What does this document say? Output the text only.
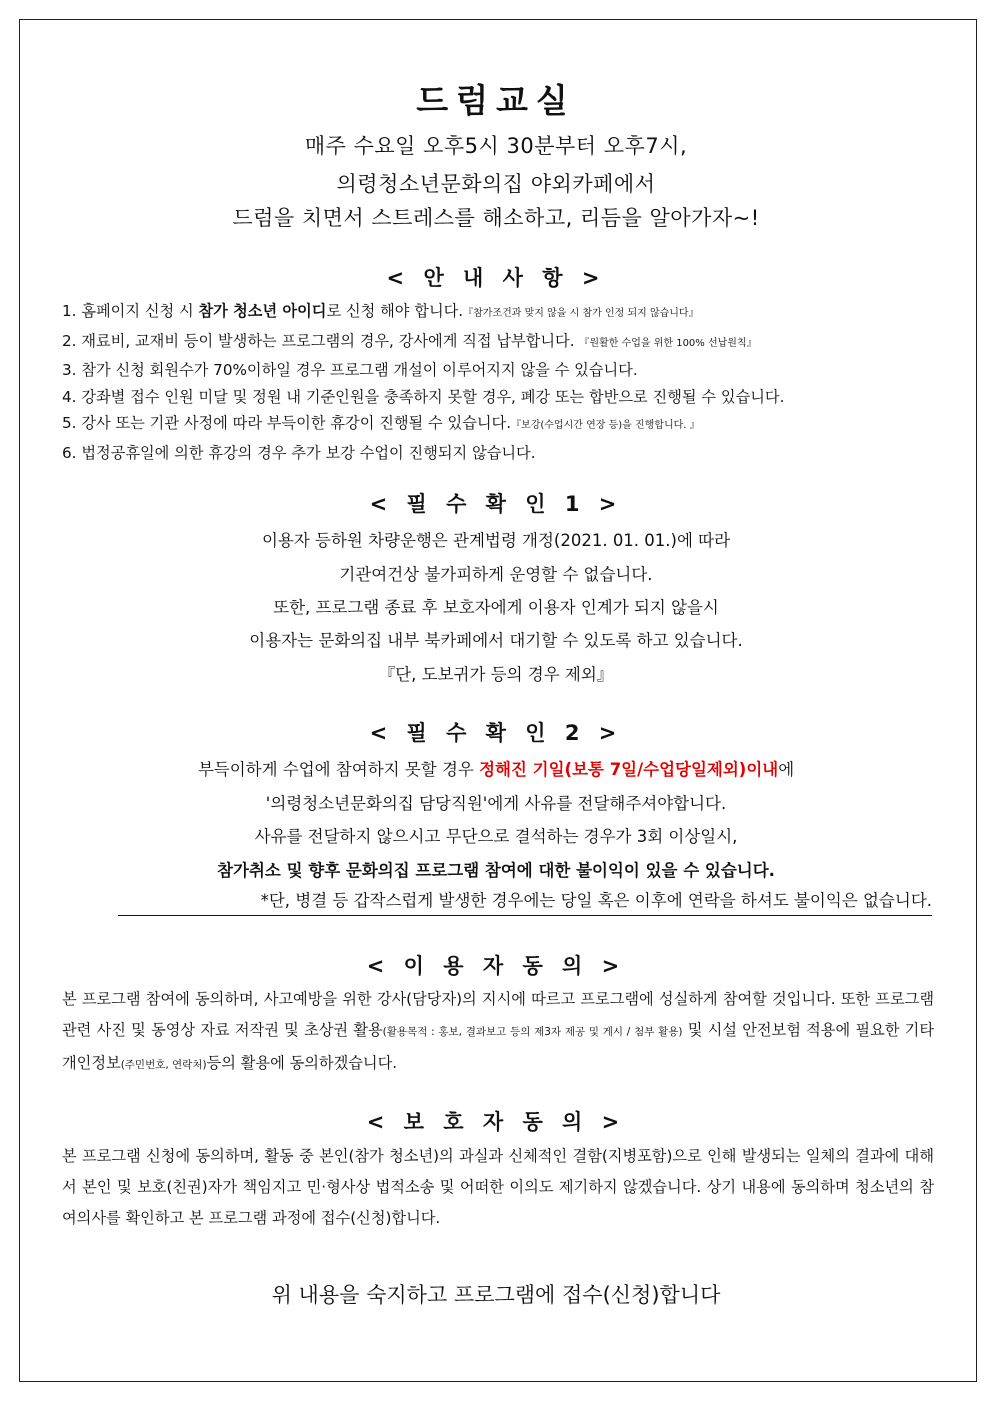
드럼교실
매주 수요일 오후5시 30분부터 오후7시,
의령청소년문화의집 야외카페에서
드럼을 치면서 스트레스를 해소하고, 리듬을 알아가자~!
< 안 내 사 항 >
1. 홈페이지 신청 시 참가 청소년 아이디로 신청 해야 합니다.『참가조건과 맞지 않을 시 참가 인정 되지 않습니다』
2. 재료비, 교재비 등이 발생하는 프로그램의 경우, 강사에게 직접 납부합니다. 『원활한 수업을 위한 100% 선납원칙』
3. 참가 신청 회원수가 70%이하일 경우 프로그램 개설이 이루어지지 않을 수 있습니다.
4. 강좌별 접수 인원 미달 및 정원 내 기준인원을 충족하지 못할 경우, 폐강 또는 합반으로 진행될 수 있습니다.
5. 강사 또는 기관 사정에 따라 부득이한 휴강이 진행될 수 있습니다.『보강(수업시간 연장 등)을 진행합니다. 』
6. 법정공휴일에 의한 휴강의 경우 추가 보강 수업이 진행되지 않습니다.
< 필 수 확 인 1 >
이용자 등하원 차량운행은 관계법령 개정(2021. 01. 01.)에 따라
기관여건상 불가피하게 운영할 수 없습니다.
또한, 프로그램 종료 후 보호자에게 이용자 인계가 되지 않을시
이용자는 문화의집 내부 북카페에서 대기할 수 있도록 하고 있습니다.
『단, 도보귀가 등의 경우 제외』
< 필 수 확 인 2 >
부득이하게 수업에 참여하지 못할 경우 정해진 기일(보통 7일/수업당일제외)이내에
'의령청소년문화의집 담당직원'에게 사유를 전달해주셔야합니다.
사유를 전달하지 않으시고 무단으로 결석하는 경우가 3회 이상일시,
참가취소 및 향후 문화의집 프로그램 참여에 대한 불이익이 있을 수 있습니다.
*단, 병결 등 갑작스럽게 발생한 경우에는 당일 혹은 이후에 연락을 하셔도 불이익은 없습니다.
< 이 용 자 동 의 >
본 프로그램 참여에 동의하며, 사고예방을 위한 강사(담당자)의 지시에 따르고 프로그램에 성실하게 참여할 것입니다. 또한 프로그램 관련 사진 및 동영상 자료 저작권 및 초상권 활용(활용목적 : 홍보, 결과보고 등의 제3자 제공 및 게시 / 첨부 활용) 및 시설 안전보험 적용에 필요한 기타 개인정보(주민번호, 연락처)등의 활용에 동의하겠습니다.
< 보 호 자 동 의 >
본 프로그램 신청에 동의하며, 활동 중 본인(참가 청소년)의 과실과 신체적인 결함(지병포함)으로 인해 발생되는 일체의 결과에 대해서 본인 및 보호(친권)자가 책임지고 민·형사상 법적소송 및 어떠한 이의도 제기하지 않겠습니다. 상기 내용에 동의하며 청소년의 참여의사를 확인하고 본 프로그램 과정에 접수(신청)합니다.
위 내용을 숙지하고 프로그램에 접수(신청)합니다
